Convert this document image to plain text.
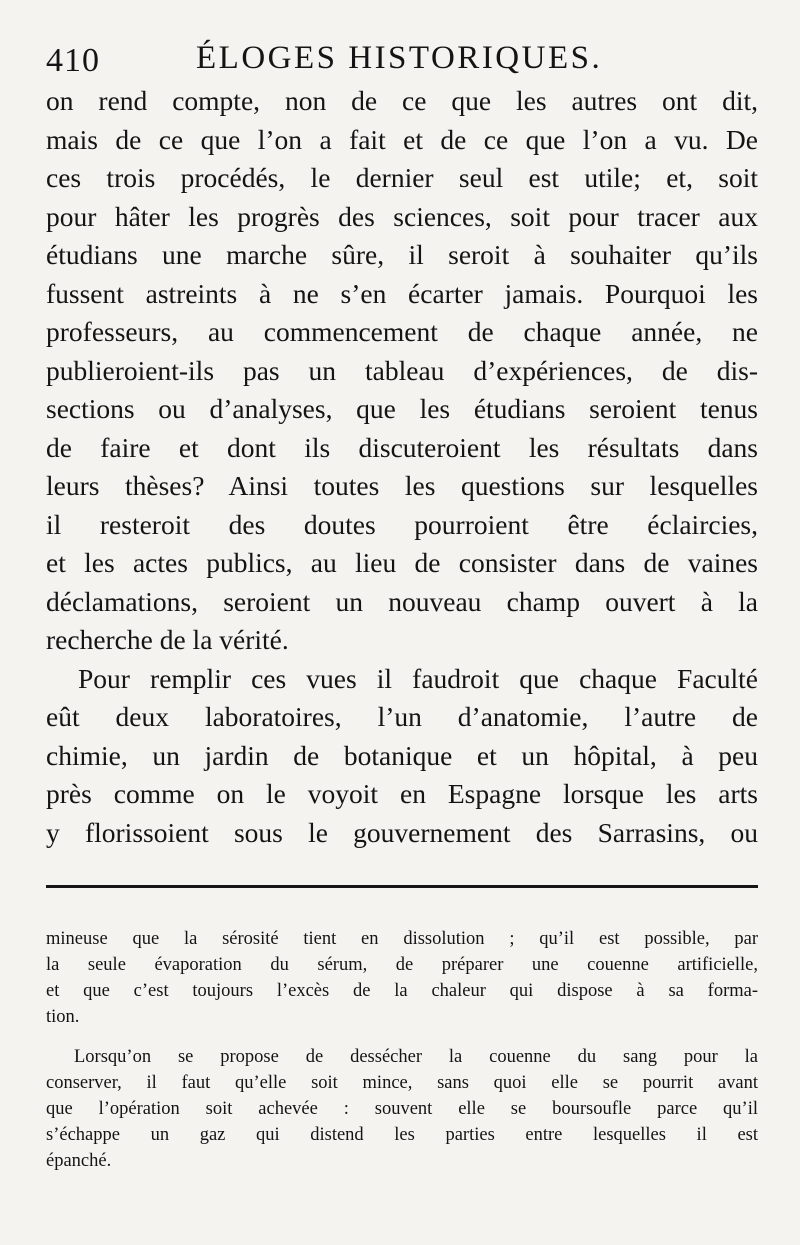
410	ÉLOGES HISTORIQUES.
on rend compte, non de ce que les autres ont dit,
mais de ce que l’on a fait et de ce que l’on a vu. De
ces trois procédés, le dernier seul est utile; et, soit
pour hâter les progrès des sciences, soit pour tracer aux
étudians une marche sûre, il seroit à souhaiter qu’ils
fussent astreints à ne s’en écarter jamais. Pourquoi les
professeurs, au commencement de chaque année, ne
publieroient-ils pas un tableau d’expériences, de dis-
sections ou d’analyses, que les étudians seroient tenus
de faire et dont ils discuteroient les résultats dans
leurs thèses? Ainsi toutes les questions sur lesquelles
il resteroit des doutes pourroient être éclaircies,
et les actes publics, au lieu de consister dans de vaines
déclamations, seroient un nouveau champ ouvert à la
recherche de la vérité.
Pour remplir ces vues il faudroit que chaque Faculté
eût deux laboratoires, l’un d’anatomie, l’autre de
chimie, un jardin de botanique et un hôpital, à peu
près comme on le voyoit en Espagne lorsque les arts
y florissoient sous le gouvernement des Sarrasins, ou
mineuse que la sérosité tient en dissolution ; qu’il est possible, par
la seule évaporation du sérum, de préparer une couenne artificielle,
et que c’est toujours l’excès de la chaleur qui dispose à sa forma-
tion.
Lorsqu’on se propose de dessécher la couenne du sang pour la
conserver, il faut qu’elle soit mince, sans quoi elle se pourrit avant
que l’opération soit achevée : souvent elle se boursoufle parce qu’il
s’échappe un gaz qui distend les parties entre lesquelles il est
épanché.
